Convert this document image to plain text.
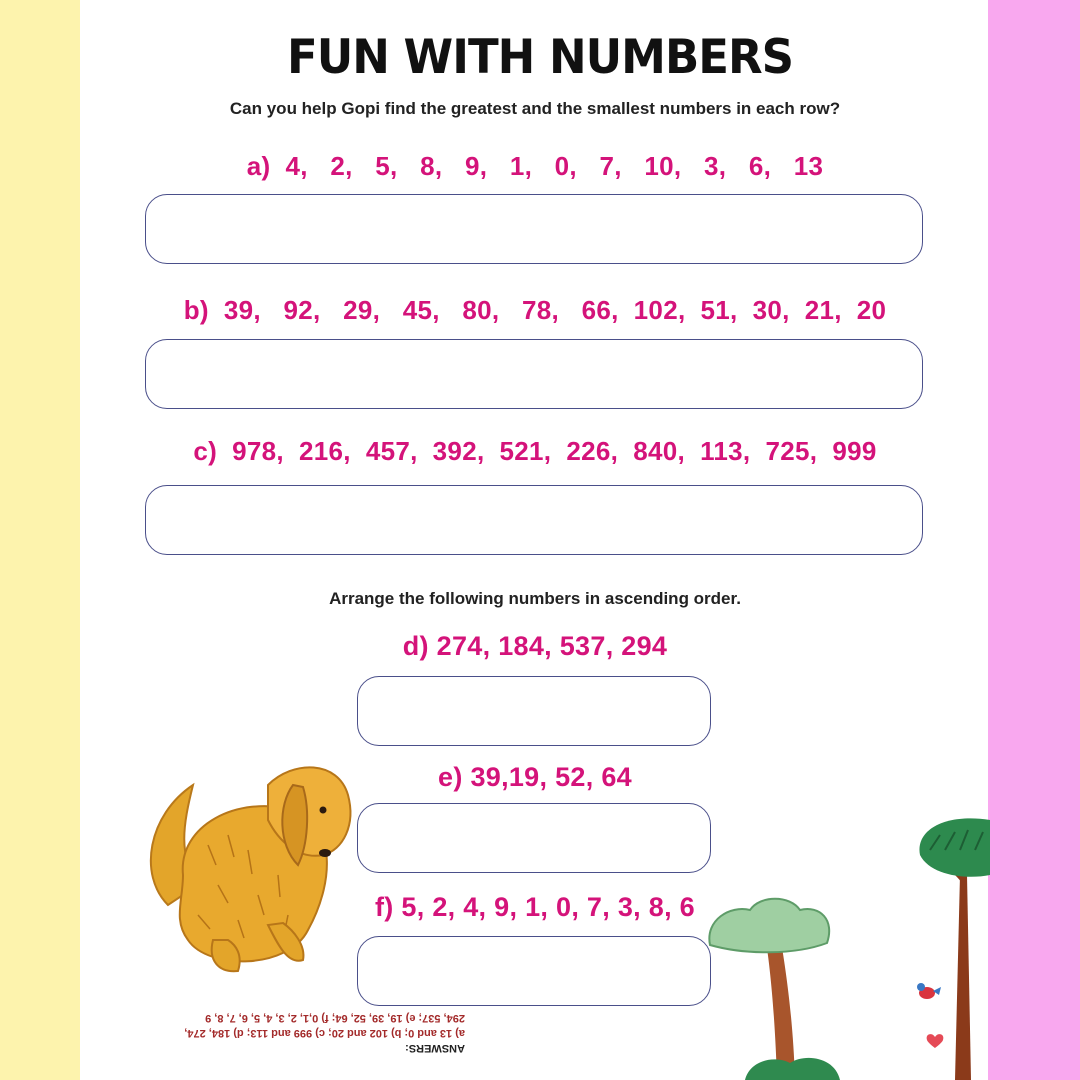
FUN WITH NUMBERS
Can you help Gopi find the greatest and the smallest numbers in each row?
a) 4,   2,   5,   8,   9,   1,   0,   7,   10,   3,   6,   13
b) 39,   92,   29,   45,   80,   78,   66,  102,  51,  30,  21,  20
c) 978,  216,  457,  392,  521,  226,  840,  113,  725,  999
Arrange the following numbers in ascending order.
d) 274, 184, 537, 294
e) 39,19, 52, 64
f) 5, 2, 4, 9, 1, 0, 7, 3, 8, 6
ANSWERS:
a) 13 and 0; b) 102 and 20; c) 999 and 113; d) 184, 274,
294, 537; e) 19, 39, 52, 64; f) 0,1, 2, 3, 4, 5, 6, 7, 8, 9
